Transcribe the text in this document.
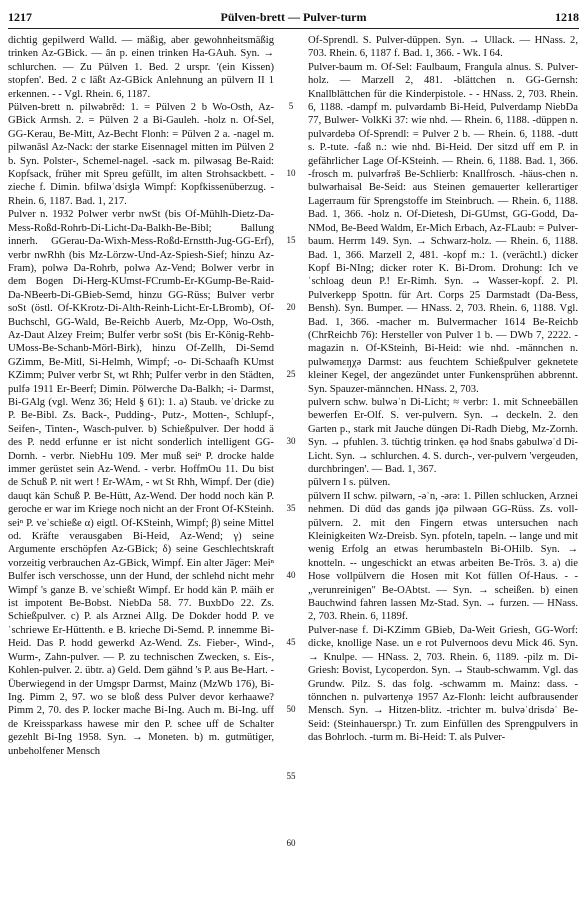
1217	Pülven-brett — Pulver-turm	1218

dichtig gepilwerd Walld. — mäßig, aber gewohnheitsmäßig trinken Az-GBick. — ân p. einen trinken Ha-GAuh. Syn. → schlurchen. — Zu Pülven 1. Bed. 2 urspr. '(ein Kissen) stopfen'. Bed. 2 c läßt Az-GBick Anlehnung an pülvern II 1 erkennen. - - Vgl. Rhein. 6, 1187.

Pülven-brett n. pilwəbrēd: 1. = Pülven 2 b Wo-Osth, Az-GBick Armsh. 2. = Pülven 2 a Bi-Gauleh. -holz n. Of-Sel, GG-Kerau, Be-Mitt, Az-Becht Flonh: = Pülven 2 a. -nagel m. pilwənāsl Az-Nack: der starke Eisennagel mitten im Pülven 2 b. Syn. Polster-, Schemel-nagel. -sack m. pilwəsag Be-Raid: Kopfsack, früher mit Spreu gefüllt, im alten Strohsackbett. -zieche f. Dimin. bfilwəˈdsiʒlə Wimpf: Kopfkissenüberzug. - Rhein. 6, 1187. Bad. 1, 217.

Pulver n. 1932 Polwer verbr nwSt (bis Of-Mühlh-Dietz-Da-Mess-Roßd-Rohrb-Di-Licht-Da-Balkh-Be-Bibl; Ballung innerh. GGerau-Da-Wixh-Mess-Roßd-Ernstth-Jug-GG-Erf), verbr nwRhh (bis Mz-Lörzw-Und-Az-Spiesh-Sief; hinzu Az-Fram), polwə Da-Rohrb, polwə Az-Vend; Bolwer verbr in dem Bogen Di-Herg-KUmst-FCrumb-Er-KGump-Be-Raid-Da-NBeerb-Di-GBieb-Semd, hinzu GG-Rüss; Bulver verbr soSt (östl. Of-KKrotz-Di-Alth-Reinh-Licht-Er-LBromb), Of-Buchschl, GG-Wald, Be-Reichb Auerb, Mz-Opp, Wo-Osth, Az-Daut Alzey Freim; Bulfer verbr soSt (bis Er-König-Rehb-UMoss-Be-Schanb-Mörl-Birk), hinzu Of-Zellh, Di-Semd GZimm, Be-Mitl, Si-Helmh, Wimpf; -o- Di-Schaafh KUmst KZimm; Pulver verbr St, wt Rhh; Pulfer verbr in den Städten, pulfə 1911 Er-Beerf; Dimin. Pölwerche Da-Balkh; -i- Darmst, Bi-GAlg (vgl. Wenz 36; Held § 61): 1. a) Staub. veˈdricke zu P. Be-Bibl. Zs. Back-, Pudding-, Putz-, Motten-, Schlupf-, Seifen-, Tinten-, Wasch-pulver. b) Schießpulver. Der hodd ä des P. nedd erfunne er ist nicht sonderlich intelligent GG-Dornh. - verbr. NiebHu 109. Mer muß seiⁿ P. drocke halde immer gerüstet sein Az-Wend. - verbr. HoffmOu 11. Du bist de Schuß P. nit wert ! Er-WAm, - wt St Rhh, Wimpf. Der (die) dauqt kän Schuß P. Be-Hütt, Az-Wend. Der hodd noch kän P. geroche er war im Kriege noch nicht an der Front Of-KSteinh. seiⁿ P. veˈschieße α) eigtl. Of-KSteinh, Wimpf; β) seine Mittel od. Kräfte verausgaben Bi-Heid, Az-Wend; γ) seine Argumente erschöpfen Az-GBick; δ) seine Geschlechtskraft vorzeitig verbrauchen Az-GBick, Wimpf. Ein alter Jäger: Meiⁿ Bulfer isch verschosse, unn der Hund, der schlehd nicht mehr Wimpf 's ganze B. veˈschießt Wimpf. Er hodd kän P. mäih er ist impotent Be-Bobst. NiebDa 58. 77. BuxbDo 22. Zs. Schießpulver. c) P. als Arznei Allg. De Dokder hodd P. veˈschriewe Er-Hüttenth. e B. krieche Di-Semd. P. innemme Bi-Heid. Das P. hodd gewerkd Az-Wend. Zs. Fieber-, Wind-, Wurm-, Zahn-pulver. — P. zu technischen Zwecken, s. Eis-, Kohlen-pulver. 2. übtr. a) Geld. Dem gähnd 's P. aus Be-Hart. - Überwiegend in der Umgspr Darmst, Mainz (MzWb 176), Bi-Ing. Pimm 2, 97. wo se bloß dess Pulver devor kerhaawe? Pimm 2, 70. des P. locker mache Bi-Ing. Auch m. Bi-Ing. uff de Kreissparkass hawese mir den P. schee uff de Schalter gezehlt Bi-Ing 1958. Syn. → Moneten. b) m. gutmütiger, unbeholfener Mensch

5
10
15
20
25
30
35
40
45
50
55
60

Of-Sprendl. S. Pulver-düppen. Syn. → Ullack. — HNass. 2, 703. Rhein. 6, 1187 f. Bad. 1, 366. - Wk. I 64.

Pulver-baum m. Of-Sel: Faulbaum, Frangula alnus. S. Pulver-holz. — Marzell 2, 481. -blättchen n. GG-Gernsh: Knallblättchen für die Kinderpistole. - - HNass. 2, 703. Rhein. 6, 1188. -dampf m. pulvərdamb Bi-Heid, Pulverdamp NiebDa 77, Bulwer- VolkKi 37: wie nhd. — Rhein. 6, 1188. -düppen n. pulvərdebə Of-Sprendl: = Pulver 2 b. — Rhein. 6, 1188. -dutt s. P.-tute. -faß n.: wie nhd. Bi-Heid. Der sitzd uff em P. in gefährlicher Lage Of-KSteinh. — Rhein. 6, 1188. Bad. 1, 366. -frosch m. pulvərfrəš Be-Schlierb: Knallfrosch. -häus-chen n. bulwərhaisəl Be-Seid: aus Steinen gemauerter kellerartiger Lagerraum für Sprengstoffe im Steinbruch. — Rhein. 6, 1188. Bad. 1, 366. -holz n. Of-Dietesh, Di-GUmst, GG-Godd, Da-NMod, Be-Beed Waldm, Er-Mich Erbach, Az-FLaub: = Pulver-baum. Herrm 149. Syn. → Schwarz-holz. — Rhein. 6, 1188. Bad. 1, 366. Marzell 2, 481. -kopf m.: 1. (verächtl.) dicker Kopf Bi-NIng; dicker roter K. Bi-Drom. Drohung: Ich veˈschloag deun P.! Er-Rimh. Syn. → Wasser-kopf. 2. Pl. Pulverkepp Spottn. für Art. Corps 25 Darmstadt (Da-Bess, Bensh). Syn. Bumper. — HNass. 2, 703. Rhein. 6, 1188. Vgl. Bad. 1, 366. -macher m. Bulvermacher 1614 Be-Reichb (ChrReichb 76): Hersteller von Pulver 1 b. — DWb 7, 2222. -magazin n. Of-KSteinh, Bi-Heid: wie nhd. -männchen n. pulwəmɛŋχə Darmst: aus feuchtem Schießpulver geknetete kleiner Kegel, der angezündet unter Funkensprühen abbrennt. Syn. Spauzer-männchen. HNass. 2, 703.

pulvern schw. bulwəˈn Di-Licht; ≈ verbr: 1. mit Schneebällen bewerfen Er-Olf. S. ver-pulvern. Syn. → deckeln. 2. den Garten p., stark mit Jauche düngen Di-Radh Diebg, Mz-Zornh. Syn. → pfuhlen. 3. tüchtig trinken. ęə hod šnabs gəbulwəˈd Di-Licht. Syn. → schlurchen. 4. S. durch-, ver-pulvern 'vergeuden, durchbringen'. — Bad. 1, 367.

pülvern I s. pülven.

pülvern II schw. pilwərn, -əˈn, -ərə: 1. Pillen schlucken, Arznei nehmen. Di düd dəs gands jǭə pilwəən GG-Rüss. Zs. voll-pülvern. 2. mit den Fingern etwas untersuchen nach Kleinigkeiten Wz-Dreisb. Syn. pfoteln, tapeln. -- lange und mit wenig Erfolg an etwas herumbasteln Bi-OHilb. Syn. → knotteln. -- ungeschickt an etwas arbeiten Be-Trös. 3. a) die Hose vollpülvern die Hosen mit Kot füllen Of-Haus. - - „verunreinigen" Be-OAbtst. — Syn. → scheißen. b) einen Bauchwind fahren lassen Mz-Stad. Syn. → furzen. — HNass. 2, 703. Rhein. 6, 1189f.

Pulver-nase f. Di-KZimm GBieb, Da-Weit Griesh, GG-Worf: dicke, knollige Nase. un e rot Pulvernoos devu Mick 46. Syn. → Knulpe. — HNass. 2, 703. Rhein. 6, 1189. -pilz m. Di-Griesh: Bovist, Lycoperdon. Syn. → Staub-schwamm. Vgl. das Grundw. Pilz. S. das folg. -schwamm m. Mainz: dass. -tönnchen n. pulvərtenχə 1957 Az-Flonh: leicht aufbrausender Mensch. Syn. → Hitzen-blitz. -trichter m. bulvəˈdrisdəˈ Be-Seid: (Steinhauerspr.) Tr. zum Einfüllen des Sprengpulvers in das Bohrloch. -turm m. Bi-Heid: T. als Pulver-
